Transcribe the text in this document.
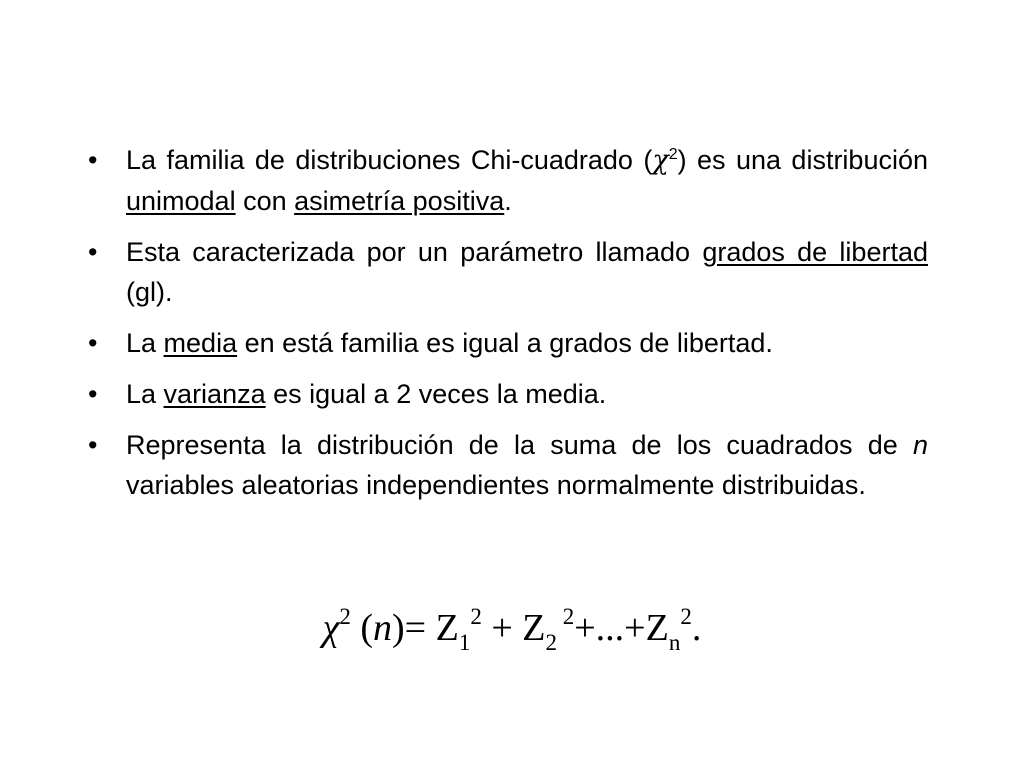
• La familia de distribuciones Chi-cuadrado $(\chi^2)$ es una distribución unimodal con asimetría positiva.
• Esta caracterizada por un parámetro llamado grados de libertad (gl).
• La media en está familia es igual a grados de libertad.
• La varianza es igual a 2 veces la media.
• Representa la distribución de la suma de los cuadrados de n variables aleatorias independientes normalmente distribuidas.
$\chi^2$ $(n)= Z_1^2 + Z_2$ $^2+...+Z_n^2$.
